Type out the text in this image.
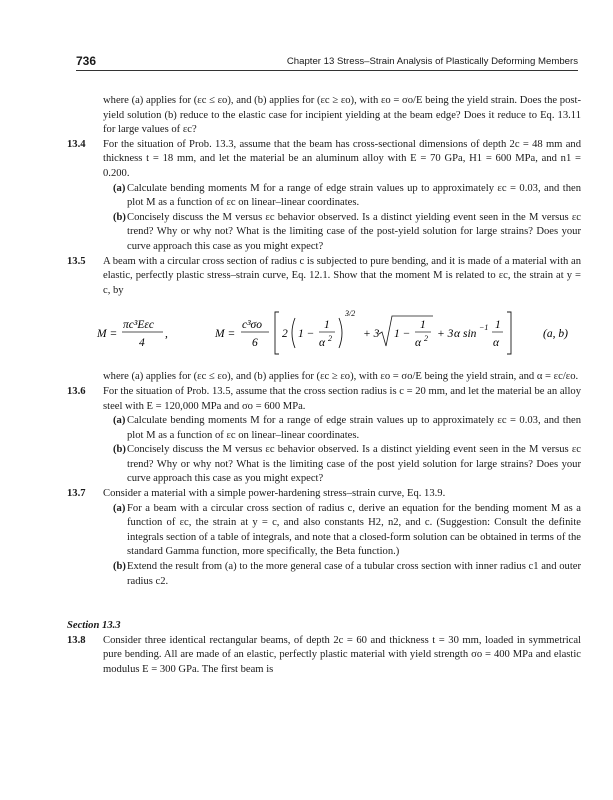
736	Chapter 13 Stress–Strain Analysis of Plastically Deforming Members

where (a) applies for (εc ≤ εo), and (b) applies for (εc ≥ εo), with εo = σo/E being the yield strain. Does the post-yield solution (b) reduce to the elastic case for incipient yielding at the beam edge? Does it reduce to Eq. 13.11 for large values of εc?

13.4 For the situation of Prob. 13.3, assume that the beam has cross-sectional dimensions of depth 2c = 48 mm and thickness t = 18 mm, and let the material be an aluminum alloy with E = 70 GPa, H1 = 600 MPa, and n1 = 0.200.
(a) Calculate bending moments M for a range of edge strain values up to approximately εc = 0.03, and then plot M as a function of εc on linear–linear coordinates.
(b) Concisely discuss the M versus εc behavior observed. Is a distinct yielding event seen in the M versus εc trend? Why or why not? What is the limiting case of the post-yield solution for large strains? Does your curve approach this case as you might expect?
13.5 A beam with a circular cross section of radius c is subjected to pure bending, and it is made of a material with an elastic, perfectly plastic stress–strain curve, Eq. 12.1. Show that the moment M is related to εc, the strain at y = c, by
M =
πc³Eεc
4
,	M =
c³σo
6
2 1 −
1
α 2
3/2
+ 3 1 −
1
α 2 + 3 α sin
−1 1
α
(a, b)

where (a) applies for (εc ≤ εo), and (b) applies for (εc ≥ εo), with εo = σo/E being the yield strain, and α = εc/εo.

13.6 For the situation of Prob. 13.5, assume that the cross section radius is c = 20 mm, and let the material be an alloy steel with E = 120,000 MPa and σo = 600 MPa.
(a) Calculate bending moments M for a range of edge strain values up to approximately εc = 0.03, and then plot M as a function of εc on linear–linear coordinates.
(b) Concisely discuss the M versus εc behavior observed. Is a distinct yielding event seen in the M versus εc trend? Why or why not? What is the limiting case of the post yield solution for large strains? Does your curve approach this case as you might expect?
13.7 Consider a material with a simple power-hardening stress–strain curve, Eq. 13.9.
(a) For a beam with a circular cross section of radius c, derive an equation for the bending moment M as a function of εc, the strain at y = c, and also constants H2, n2, and c. (Suggestion: Consult the definite integrals section of a table of integrals, and note that a closed-form solution can be obtained in terms of the standard Gamma function, more specifically, the Beta function.)
(b) Extend the result from (a) to the more general case of a tubular cross section with inner radius c1 and outer radius c2.
Section 13.3
13.8 Consider three identical rectangular beams, of depth 2c = 60 and thickness t = 30 mm, loaded in symmetrical pure bending. All are made of an elastic, perfectly plastic material with yield strength σo = 400 MPa and elastic modulus E = 300 GPa. The first beam is
